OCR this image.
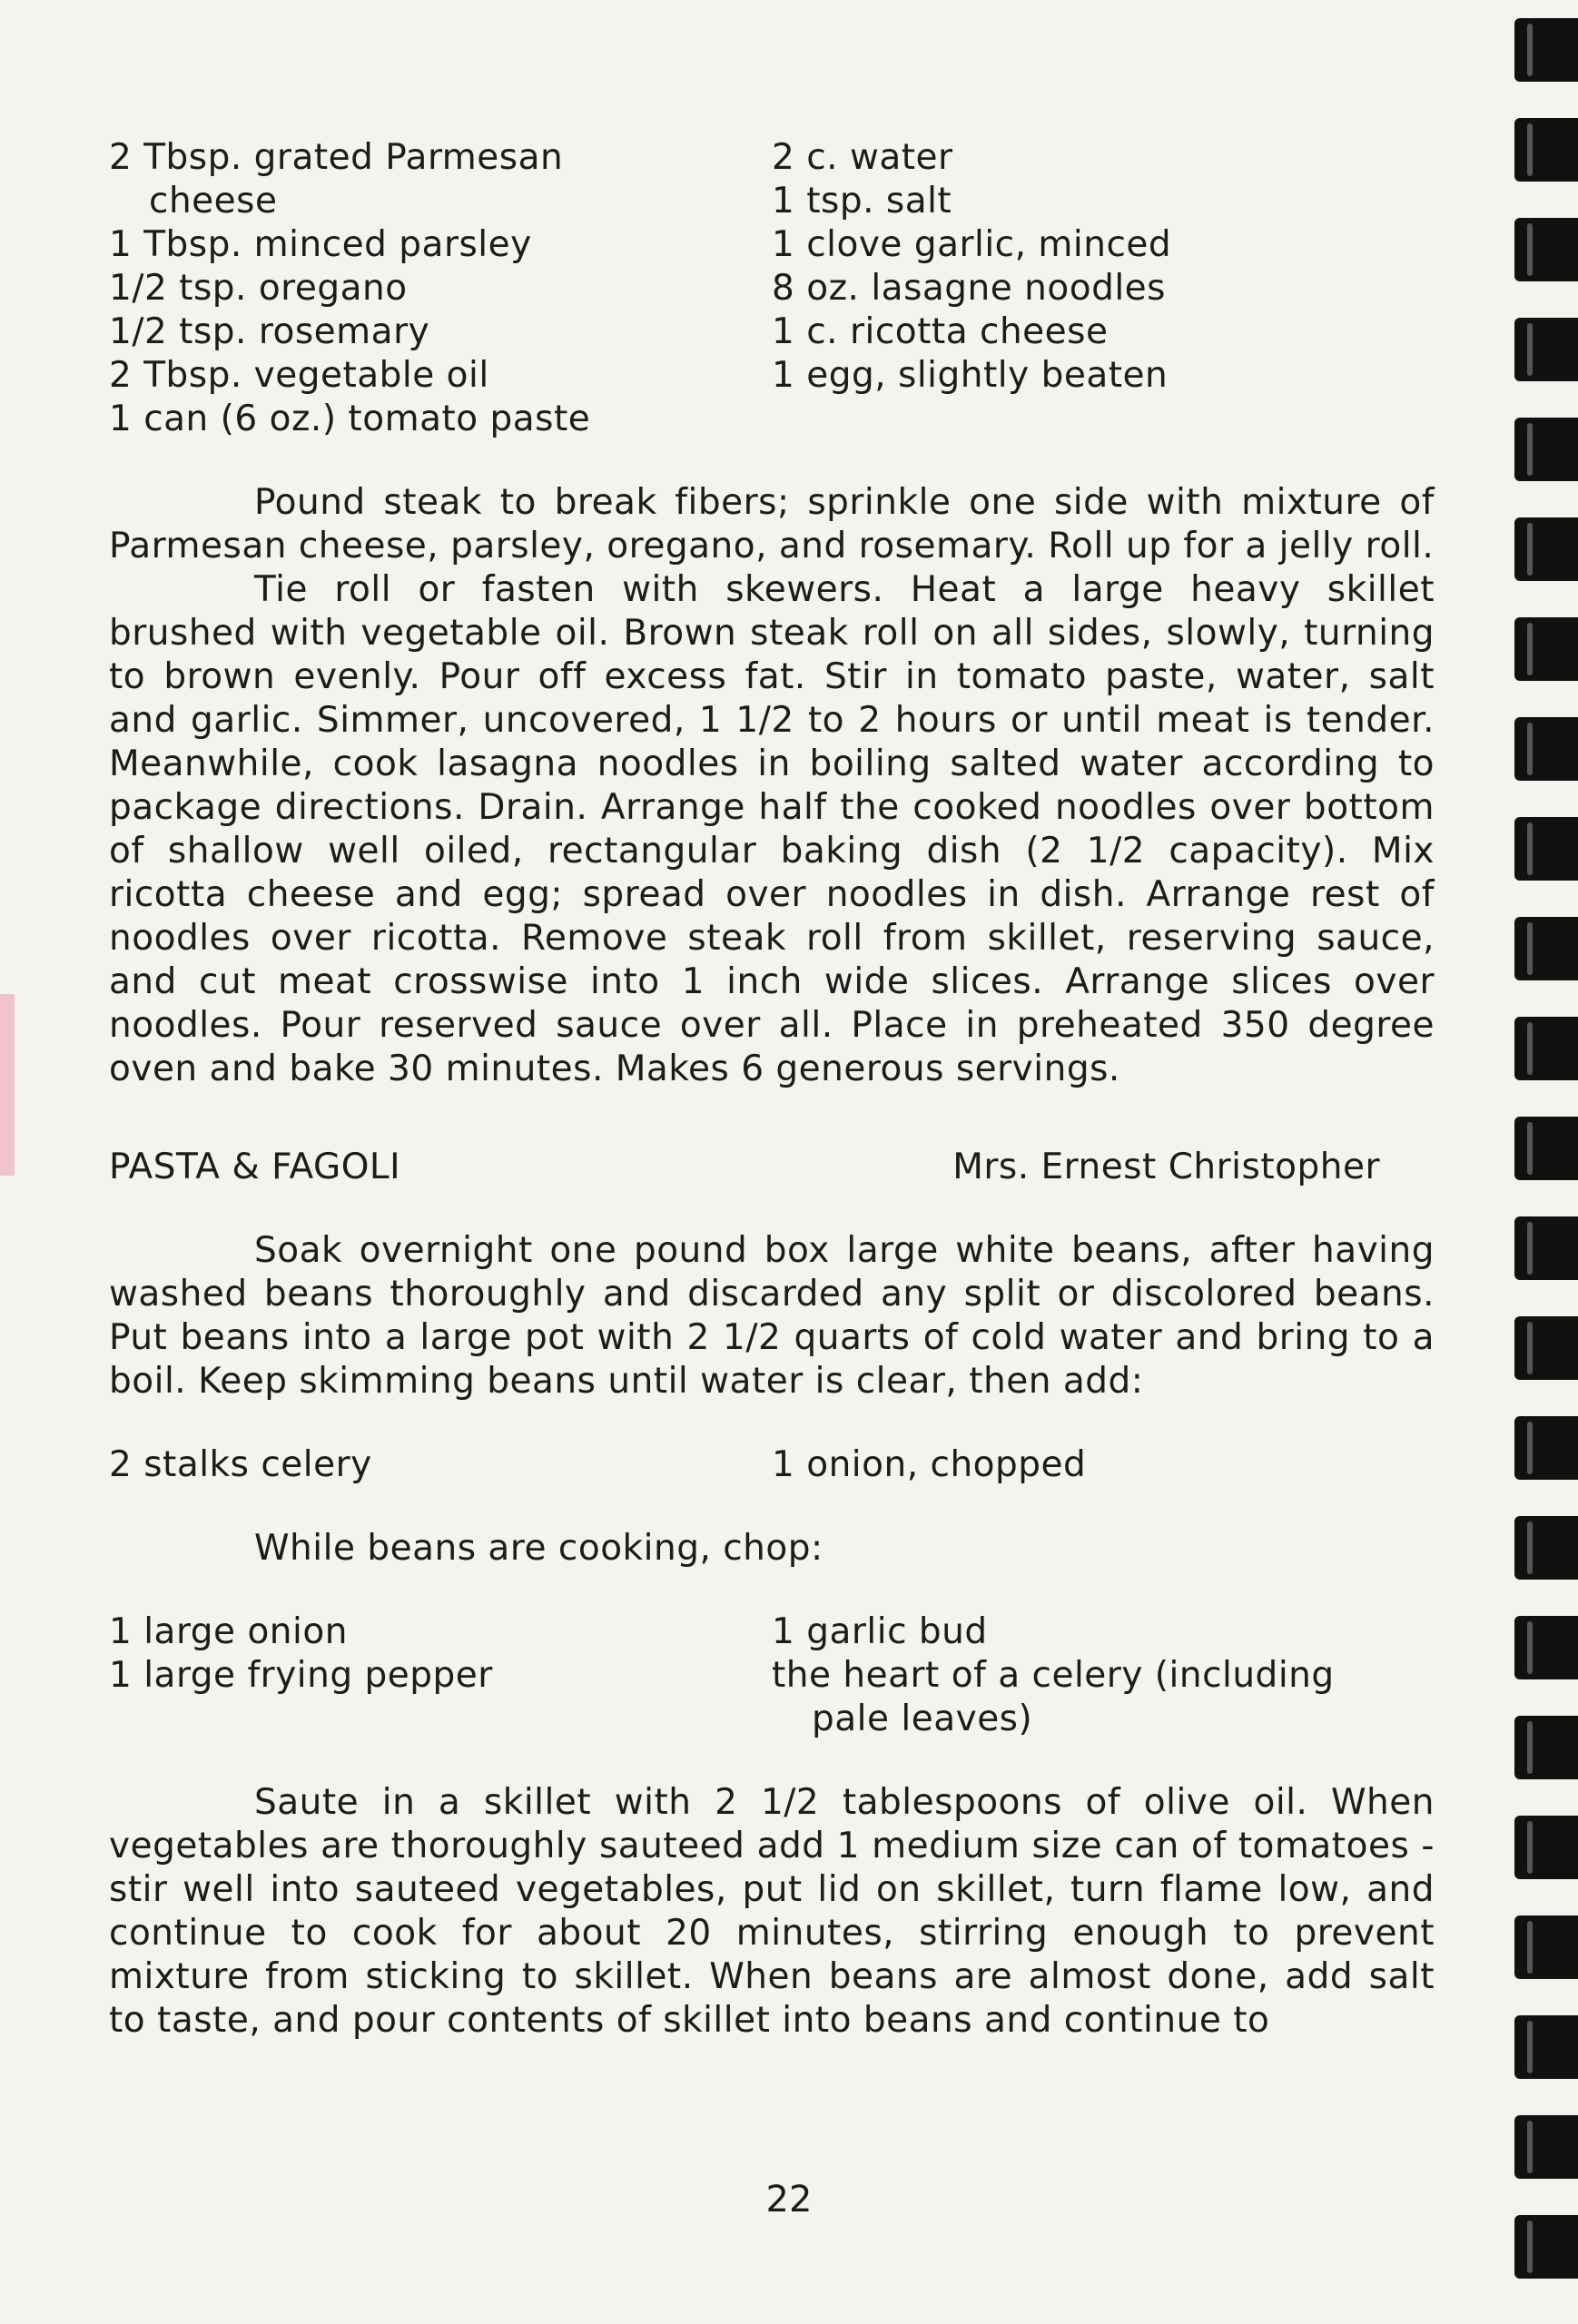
2 Tbsp. grated Parmesan
cheese
1 Tbsp. minced parsley
1/2 tsp. oregano
1/2 tsp. rosemary
2 Tbsp. vegetable oil
1 can (6 oz.) tomato paste
2 c. water
1 tsp. salt
1 clove garlic, minced
8 oz. lasagne noodles
1 c. ricotta cheese
1 egg, slightly beaten

Pound steak to break fibers; sprinkle one side with mixture of Parmesan cheese, parsley, oregano, and rosemary. Roll up for a jelly roll.

Tie roll or fasten with skewers. Heat a large heavy skillet brushed with vegetable oil. Brown steak roll on all sides, slowly, turning to brown evenly. Pour off excess fat. Stir in tomato paste, water, salt and garlic. Simmer, uncovered, 1 1/2 to 2 hours or until meat is tender. Meanwhile, cook lasagna noodles in boiling salted water according to package directions. Drain. Arrange half the cooked noodles over bottom of shallow well oiled, rectangular baking dish (2 1/2 capacity). Mix ricotta cheese and egg; spread over noodles in dish. Arrange rest of noodles over ricotta. Remove steak roll from skillet, reserving sauce, and cut meat crosswise into 1 inch wide slices. Arrange slices over noodles. Pour reserved sauce over all. Place in preheated 350 degree oven and bake 30 minutes. Makes 6 generous servings.

PASTA & FAGOLI	Mrs. Ernest Christopher

Soak overnight one pound box large white beans, after having washed beans thoroughly and discarded any split or discolored beans. Put beans into a large pot with 2 1/2 quarts of cold water and bring to a boil. Keep skimming beans until water is clear, then add:

2 stalks celery	1 onion, chopped
While beans are cooking, chop:
1 large onion
1 large frying pepper
1 garlic bud
the heart of a celery (including
pale leaves)

Saute in a skillet with 2 1/2 tablespoons of olive oil. When vegetables are thoroughly sauteed add 1 medium size can of tomatoes - stir well into sauteed vegetables, put lid on skillet, turn flame low, and continue to cook for about 20 minutes, stirring enough to prevent mixture from sticking to skillet. When beans are almost done, add salt to taste, and pour contents of skillet into beans and continue to

22
